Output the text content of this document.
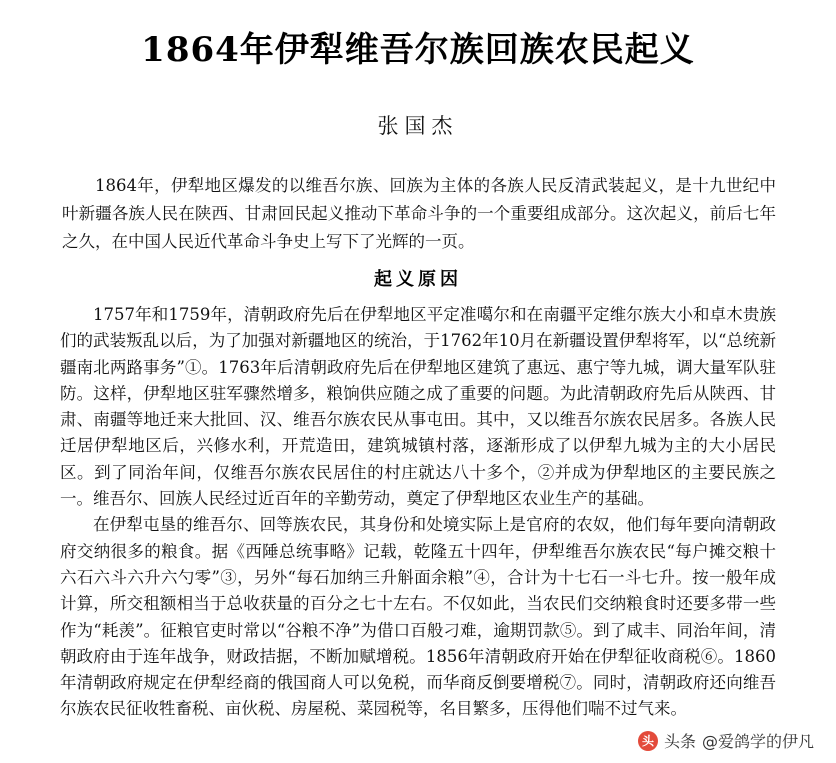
1864年伊犁维吾尔族回族农民起义
张国杰

1864年，伊犁地区爆发的以维吾尔族、回族为主体的各族人民反清武装起义，是十九世纪中叶新疆各族人民在陕西、甘肃回民起义推动下革命斗争的一个重要组成部分。这次起义，前后七年之久，在中国人民近代革命斗争史上写下了光辉的一页。

起义原因

1757年和1759年，清朝政府先后在伊犁地区平定准噶尔和在南疆平定维尔族大小和卓木贵族们的武装叛乱以后，为了加强对新疆地区的统治，于1762年10月在新疆设置伊犁将军，以“总统新疆南北两路事务”①。1763年后清朝政府先后在伊犁地区建筑了惠远、惠宁等九城，调大量军队驻防。这样，伊犁地区驻军骤然增多，粮饷供应随之成了重要的问题。为此清朝政府先后从陕西、甘肃、南疆等地迁来大批回、汉、维吾尔族农民从事屯田。其中，又以维吾尔族农民居多。各族人民迁居伊犁地区后，兴修水利，开荒造田，建筑城镇村落，逐渐形成了以伊犁九城为主的大小居民区。到了同治年间，仅维吾尔族农民居住的村庄就达八十多个，②并成为伊犁地区的主要民族之一。维吾尔、回族人民经过近百年的辛勤劳动，奠定了伊犁地区农业生产的基础。

在伊犁屯垦的维吾尔、回等族农民，其身份和处境实际上是官府的农奴，他们每年要向清朝政府交纳很多的粮食。据《西陲总统事略》记载，乾隆五十四年，伊犁维吾尔族农民“每户摊交粮十六石六斗六升六勺零”③，另外“每石加纳三升斛面余粮”④，合计为十七石一斗七升。按一般年成计算，所交租额相当于总收获量的百分之七十左右。不仅如此，当农民们交纳粮食时还要多带一些作为“耗羡”。征粮官吏时常以“谷粮不净”为借口百般刁难，逾期罚款⑤。到了咸丰、同治年间，清朝政府由于连年战争，财政拮据，不断加赋增税。1856年清朝政府开始在伊犁征收商税⑥。1860年清朝政府规定在伊犁经商的俄国商人可以免税，而华商反倒要增税⑦。同时，清朝政府还向维吾尔族农民征收牲畜税、亩伙税、房屋税、菜园税等，名目繁多，压得他们喘不过气来。

头 头条 @爱鸽学的伊凡
